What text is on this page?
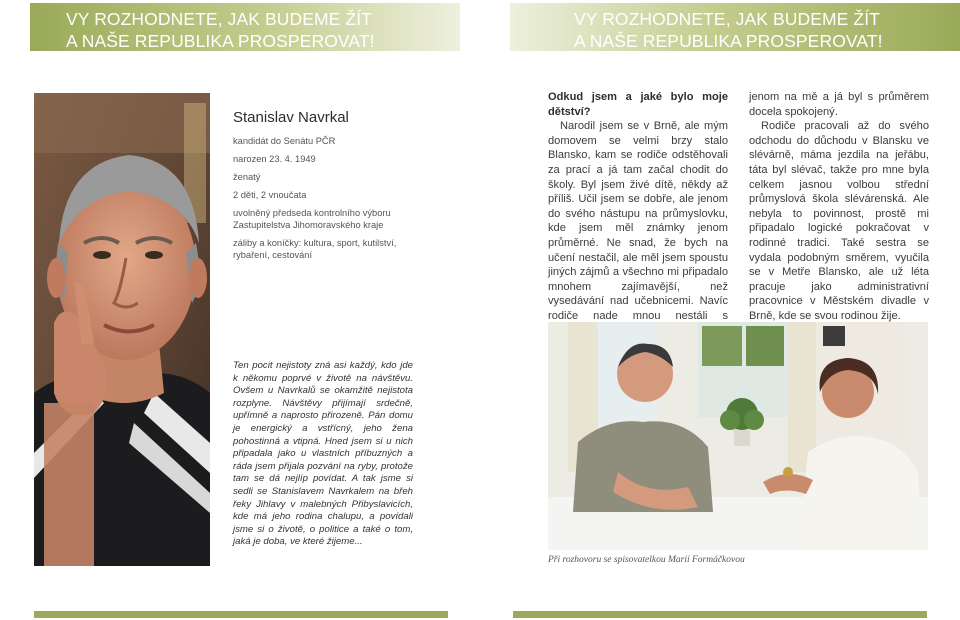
VY ROZHODNETE, JAK BUDEME ŽÍT
A NAŠE REPUBLIKA PROSPEROVAT!
VY ROZHODNETE, JAK BUDEME ŽÍT
A NAŠE REPUBLIKA PROSPEROVAT!
Stanislav Navrkal
kandidát do Senátu PČR
narozen 23. 4. 1949
ženatý
2 děti, 2 vnoučata
uvolněný předseda kontrolního výboru Zastupitelstva Jihomoravského kraje
záliby a koníčky: kultura, sport, kutilství, rybaření, cestování
Ten pocit nejistoty zná asi každý, kdo jde k někomu poprvé v životě na návštěvu. Ovšem u Navrkalů se okamžitě nejistota rozplyne. Návštěvy přijímají srdečně, upřímně a naprosto přirozeně. Pán domu je energický a vstřícný, jeho žena pohostinná a vtipná. Hned jsem si u nich připadala jako u vlastních příbuzných a ráda jsem přijala pozvání na ryby, protože tam se dá nejlíp povídat. A tak jsme si sedli se Stanislavem Navrkalem na břeh řeky Jihlavy v malebných Přibyslavicích, kde má jeho rodina chalupu, a povídali jsme si o životě, o politice a také o tom, jaká je doba, ve které žijeme...

Odkud jsem a jaké bylo moje dětství?

Narodil jsem se v Brně, ale mým domovem se velmi brzy stalo Blansko, kam se rodiče odstěhovali za prací a já tam začal chodit do školy. Byl jsem živé dítě, někdy až příliš. Učil jsem se dobře, ale jenom do svého nástupu na průmyslovku, kde jsem měl známky jenom průměrné. Ne snad, že bych na učení nestačil, ale měl jsem spoustu jiných zájmů a všechno mi připadalo mnohem zajímavější, než vysedávání nad učebnicemi. Navíc rodiče nade mnou nestáli s

jenom na mě a já byl s průměrem docela spokojený.

Rodiče pracovali až do svého odchodu do důchodu v Blansku ve slévárně, máma jezdila na jeřábu, táta byl slévač, takže pro mne byla celkem jasnou volbou střední průmyslová škola slévárenská. Ale nebyla to povinnost, prostě mi připadalo logické pokračovat v rodinné tradici. Také sestra se vydala podobným směrem, vyučila se v Metře Blansko, ale už léta pracuje jako administrativní pracovnice v Městském divadle v Brně, kde se svou rodinou žije.

Při rozhovoru se spisovatelkou Marií Formáčkovou
